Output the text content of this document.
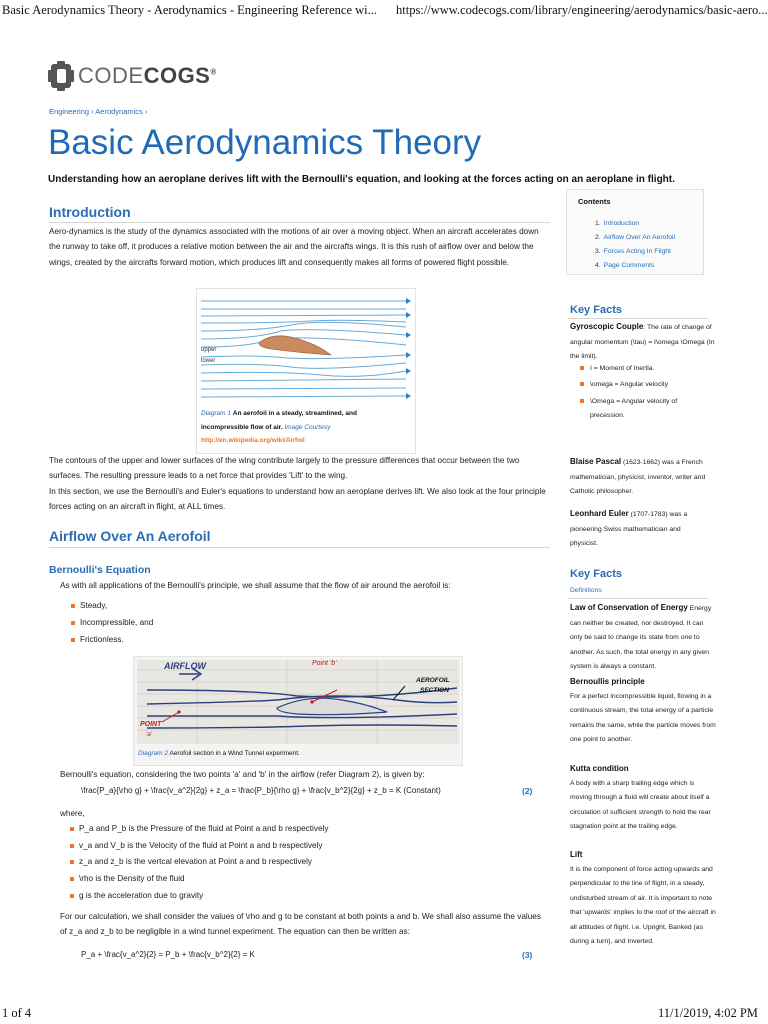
Basic Aerodynamics Theory - Aerodynamics - Engineering Reference wi... https://www.codecogs.com/library/engineering/aerodynamics/basic-aero...
CODECOGS®
Engineering › Aerodynamics ›
Basic Aerodynamics Theory
Understanding how an aeroplane derives lift with the Bernoulli's equation, and looking at the forces acting on an aeroplane in flight.
Introduction

Aero-dynamics is the study of the dynamics associated with the motions of air over a moving object. When an aircraft accelerates down the runway to take off, it produces a relative motion between the air and the aircrafts wings. It is this rush of airflow over and below the wings, created by the aircrafts forward motion, which produces lift and consequently makes all forms of powered flight possible.

upper
lower
Diagram 1 An aerofoil in a steady, streamlined, and incompressible flow of air. Image Courtesy
http://en.wikipedia.org/wiki/Airfoil

The contours of the upper and lower surfaces of the wing contribute largely to the pressure differences that occur between the two surfaces. The resulting pressure leads to a net force that provides 'Lift' to the wing.

In this section, we use the Bernoulli's and Euler's equations to understand how an aeroplane derives lift. We also look at the four principle forces acting on an aircraft in flight, at ALL times.

Airflow Over An Aerofoil
Bernoulli's Equation
As with all applications of the Bernoulli's principle, we shall assume that the flow of air around the aerofoil is:
Steady,
Incompressible, and
Frictionless.
AIRFLOW	Point 'b'
AEROFOIL
SECTION
POINT
'a'
Diagram 2 Aerofoil section in a Wind Tunnel experiment.
Bernoulli's equation, considering the two points 'a' and 'b' in the airflow (refer Diagram 2), is given by:
\frac{P_a}{\rho g} + \frac{v_a^2}{2g} + z_a = \frac{P_b}{\rho g} + \frac{v_b^2}{2g} + z_b = K (Constant)	(2)
where,
P_a and P_b is the Pressure of the fluid at Point a and b respectively
v_a and V_b is the Velocity of the fluid at Point a and b respectively
z_a and z_b is the vertcal elevation at Point a and b respectively
\rho is the Density of the fluid
g is the acceleration due to gravity

For our calculation, we shall consider the values of \rho and g to be constant at both points a and b. We shall also assume the values of z_a and z_b to be negligible in a wind tunnel experiment. The equation can then be written as:

P_a + \frac{v_a^2}{2} = P_b + \frac{v_b^2}{2} = K	(3)
Contents
1. Introduction
2. Airflow Over An Aerofoil
3. Forces Acting In Flight
4. Page Comments
Key Facts
Gyroscopic Couple: The rate of change of angular momentum (\tau) = I\omega \Omega (In the limit).
I = Moment of Inertia.
\omega = Angular velocity
\Omega = Angular velocity of precession.
Blaise Pascal (1623-1662) was a French mathematician, physicist, inventor, writer and Catholic philosopher.
Leonhard Euler (1707-1783) was a pioneering Swiss mathematician and physicist.
Key Facts
Definitions
Law of Conservation of Energy Energy can neither be created, nor destroyed. It can only be said to change its state from one to another. As such, the total energy in any given system is always a constant.
Bernoullis principle
For a perfect incompressible liquid, flowing in a continuous stream, the total energy of a particle remains the same, while the particle moves from one point to another.
Kutta condition
A body with a sharp trailing edge which is moving through a fluid will create about itself a circulation of sufficient strength to hold the rear stagnation point at the trailing edge.
Lift
It is the component of force acting upwards and perpendicular to the line of flight, in a steady, undisturbed stream of air. It is important to note that 'upwards' implies to the roof of the aircraft in all attitudes of flight. i.e. Upright, Banked (as during a turn), and Inverted.
1 of 4	11/1/2019, 4:02 PM
